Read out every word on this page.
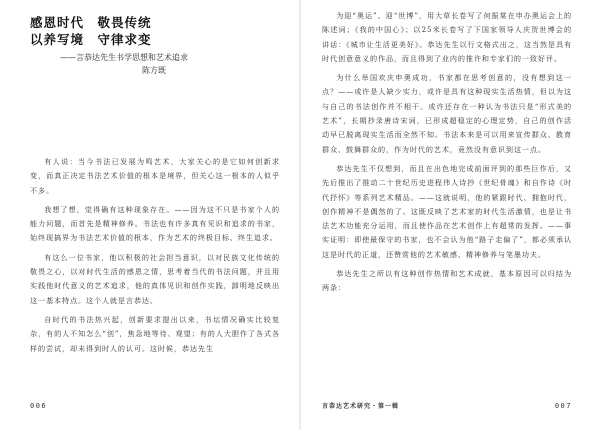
感恩时代　敬畏传统
以养写境　守律求变
——言恭达先生书学思想和艺术追求
陈方既

有人说：当今书法已发展为鸣艺术，大家关心的是它如何创新求变，而真正决定书法艺术价值的根本是境界，但关心这一根本的人似乎不多。

我想了想，觉得确有这种现象存在。——因为这不只是书家个人的能力问题，而首先是精神修养。书法也有许多真有见识和追求的书家，始终现搞界为书法艺术价值的根本，作为艺术的终极目标、终生追求。

有这么一位书家，他以积极的社会担当意识，以对民族文化传统的敬畏之心，以对时代生活的感恩之情，思考着当代的书法问题，并且用实践他时代意义的艺术追求，他的真体见识和创作实践，卸明地反映出这一基本特点。这个人就是言恭达。

自时代的书法热兴起，创新要求提出以来，书坛情况确实比较复杂，有的人不知怎么“创”，焦急地等待、观望；有的人大胆作了各式各样的尝试，却未得到时人的认可。这时候，恭达先生

为迎“奥运”、迎“世博”，用大草长卷写了何振棠在申办奥运会上的陈述词；《我的中国心》；以25米长卷写了下国家领导人庆贺世博会的讲话：《城市让生活更美好》。恭达先生以行文格式出之，这当然是具有时代创意意义的作品，而且得到了业内的推许和专家们的一致好评。

为什么举国欢庆申奥成功，书家都在思考创意的，没有想到这一点？——或许是人缺少实力，或许是具有这种现实生活热情，但以为这与自己的书法创作并不相干。或许还存在一种认为书法只是“形式美的艺术”，长期抄录唐诗宋词，已形成超稳定的心理定势，自己的创作活动早已脱离现实生活而全然不知。书法本来是可以用来宣传群众、教育群众、鼓舞群众的，作为时代的艺术，竟然没有意识到这一点。

恭达先生不仅想到，而且在出色地完成前面评到的那些巨作后，又先后推出了推动二十世纪历史进程伟人诗抄《世纪骨魂》和自作诗《时代抒怀》等系列艺术精品。——这就说明，他的紧跟时代、拥抱时代，创作精神不是偶然的了。这既反映了艺术家的时代生活激情，也是让书法艺术功能充分运用，而且使作品在艺术创作上有超常的发挥。——事实证明：即使最保守的书家，也不会认为他“路子走偏了”，都必须承认这是时代的正道，还赞赏他的艺术敏感、精神修养与笔墨功夫。

恭达先生之所以有这种创作热情和艺术成就，基本原因可以归结为两条：

006	言恭达艺术研究・第一辑	007
